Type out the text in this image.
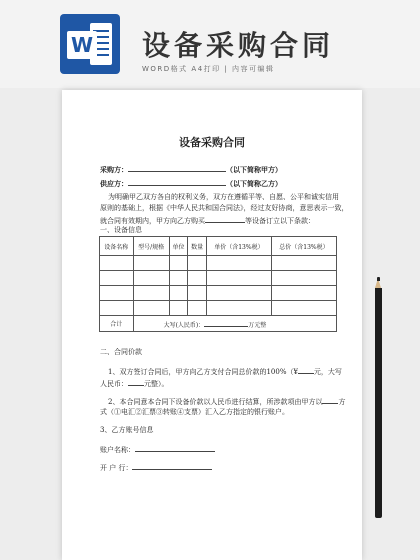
W 设备采购合同
WORD格式 A4打印 | 内容可编辑
设备采购合同
采购方：	（以下简称甲方）
供应方：	（以下简称乙方）
为明确甲乙双方各自的权利义务，双方在遵循平等、自愿、公平和诚实信用
原则的基础上，根据《中华人民共和国合同法》，经过友好协商，意思表示一致，
就合同有效期内，甲方向乙方购买	等设备订立以下条款：
一、设备信息
设备名称	型号/规格	单位	数量	单价（含13%税）	总价（含13%税）

合计	大写(人民币)： 万元整				
二、合同价款
1、双方签订合同后，甲方向乙方支付合同总价款的100%（¥ 元，大写
人民币： 元整）。
2、本合同意本合同下设备价款以人民币进行结算，所涉款项由甲方以 方
式（①电汇②汇票③转账④支票）汇入乙方指定的银行账户。
3、乙方账号信息
账户名称：
开 户 行：
